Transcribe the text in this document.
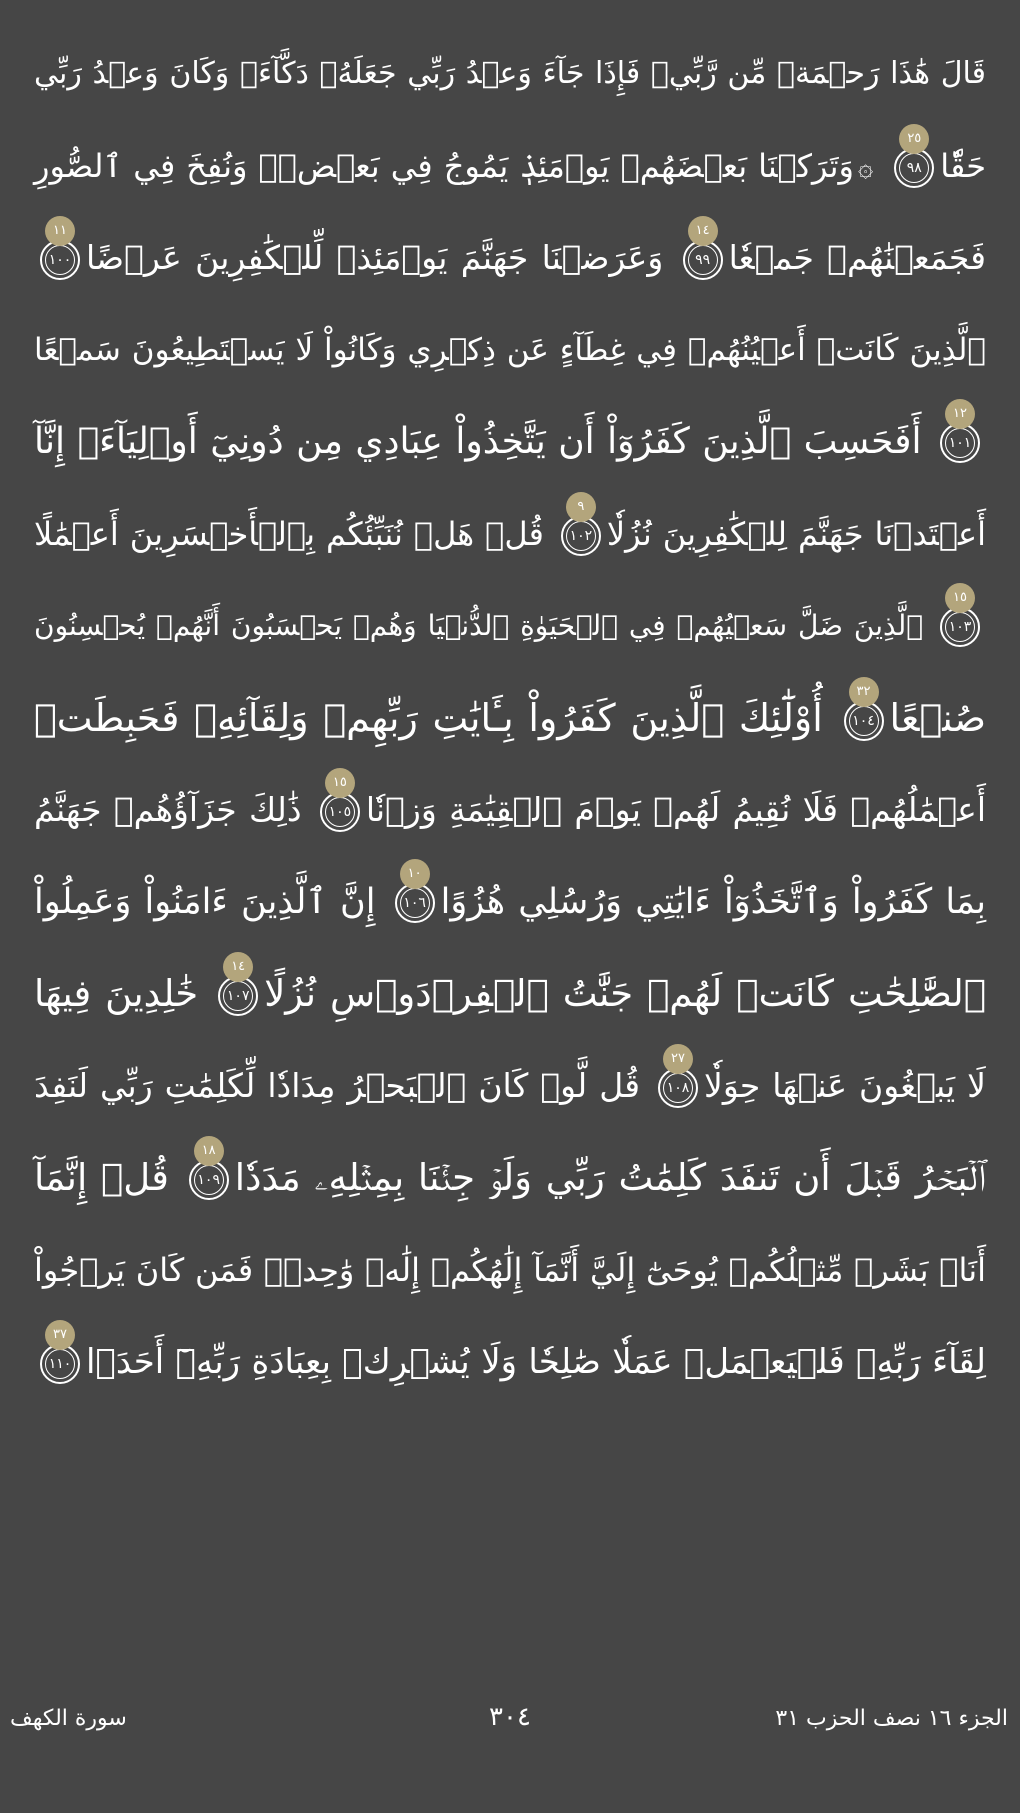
قَالَ هَٰذَا رَحۡمَةٞ مِّن رَّبِّيۖ فَإِذَا جَآءَ وَعۡدُ رَبِّي جَعَلَهُۥ دَكَّآءَۖ وَكَانَ وَعۡدُ رَبِّي
حَقّٗا
٩٨
٢٥
۞وَتَرَكۡنَا بَعۡضَهُمۡ يَوۡمَئِذٖ يَمُوجُ فِي بَعۡضٖۖ وَنُفِخَ فِي ٱلصُّورِ
فَجَمَعۡنَٰهُمۡ جَمۡعٗا
٩٩
١٤
وَعَرَضۡنَا جَهَنَّمَ يَوۡمَئِذٖ لِّلۡكَٰفِرِينَ عَرۡضًا
١٠٠
١١
ٱلَّذِينَ كَانَتۡ أَعۡيُنُهُمۡ فِي غِطَآءٍ عَن ذِكۡرِي وَكَانُواْ لَا يَسۡتَطِيعُونَ سَمۡعًا
١٠١
١٢
أَفَحَسِبَ ٱلَّذِينَ كَفَرُوٓاْ أَن يَتَّخِذُواْ عِبَادِي مِن دُونِيٓ أَوۡلِيَآءَۚ إِنَّآ
أَعۡتَدۡنَا جَهَنَّمَ لِلۡكَٰفِرِينَ نُزُلٗا
١٠٢
٩
قُلۡ هَلۡ نُنَبِّئُكُم بِٱلۡأَخۡسَرِينَ أَعۡمَٰلًا
١٠٣
١٥
ٱلَّذِينَ ضَلَّ سَعۡيُهُمۡ فِي ٱلۡحَيَوٰةِ ٱلدُّنۡيَا وَهُمۡ يَحۡسَبُونَ أَنَّهُمۡ يُحۡسِنُونَ
صُنۡعًا
١٠٤
٣٢
أُوْلَٰٓئِكَ ٱلَّذِينَ كَفَرُواْ بِـَٔايَٰتِ رَبِّهِمۡ وَلِقَآئِهِۦ فَحَبِطَتۡ
أَعۡمَٰلُهُمۡ فَلَا نُقِيمُ لَهُمۡ يَوۡمَ ٱلۡقِيَٰمَةِ وَزۡنٗا
١٠٥
١٥
ذَٰلِكَ جَزَآؤُهُمۡ جَهَنَّمُ
بِمَا كَفَرُواْ وَٱتَّخَذُوٓاْ ءَايَٰتِي وَرُسُلِي هُزُوًا
١٠٦
١٠
إِنَّ ٱلَّذِينَ ءَامَنُواْ وَعَمِلُواْ
ٱلصَّٰلِحَٰتِ كَانَتۡ لَهُمۡ جَنَّٰتُ ٱلۡفِرۡدَوۡسِ نُزُلًا
١٠٧
١٤
خَٰلِدِينَ فِيهَا
لَا يَبۡغُونَ عَنۡهَا حِوَلٗا
١٠٨
٢٧
قُل لَّوۡ كَانَ ٱلۡبَحۡرُ مِدَادٗا لِّكَلِمَٰتِ رَبِّي لَنَفِدَ
ٱلۡبَحۡرُ قَبۡلَ أَن تَنفَدَ كَلِمَٰتُ رَبِّي وَلَوۡ جِئۡنَا بِمِثۡلِهِۦ مَدَدٗا
١٠٩
١٨
قُلۡ إِنَّمَآ
أَنَا۠ بَشَرٞ مِّثۡلُكُمۡ يُوحَىٰٓ إِلَيَّ أَنَّمَآ إِلَٰهُكُمۡ إِلَٰهٞ وَٰحِدٞۖ فَمَن كَانَ يَرۡجُواْ
لِقَآءَ رَبِّهِۦ فَلۡيَعۡمَلۡ عَمَلٗا صَٰلِحٗا وَلَا يُشۡرِكۡ بِعِبَادَةِ رَبِّهِۦٓ أَحَدَۢا
١١٠
٣٧
سورة الكهف	٣٠٤	الجزء ١٦ نصف الحزب ٣١
